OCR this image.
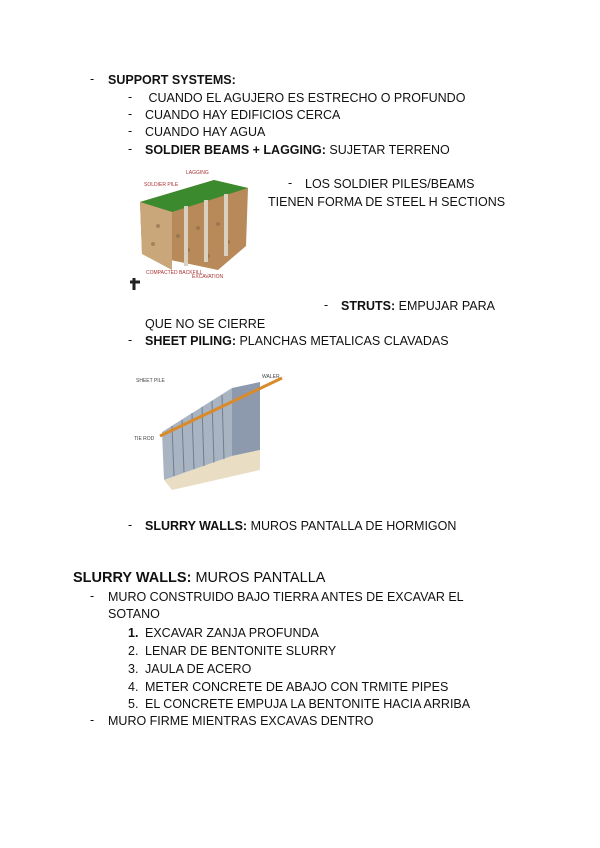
- SUPPORT SYSTEMS:
- CUANDO EL AGUJERO ES ESTRECHO O PROFUNDO
- CUANDO HAY EDIFICIOS CERCA
- CUANDO HAY AGUA
- SOLDIER BEAMS + LAGGING: SUJETAR TERRENO
LAGGING
SOLDIER PILE
COMPACTED BACKFILL
EXCAVATION
- LOS SOLDIER PILES/BEAMS
TIENEN FORMA DE STEEL H SECTIONS
- STRUTS: EMPUJAR PARA
QUE NO SE CIERRE
- SHEET PILING: PLANCHAS METALICAS CLAVADAS
SHEET PILE
WALER
TIE ROD
- SLURRY WALLS: MUROS PANTALLA DE HORMIGON
SLURRY WALLS: MUROS PANTALLA
- MURO CONSTRUIDO BAJO TIERRA ANTES DE EXCAVAR EL
SOTANO
1. EXCAVAR ZANJA PROFUNDA
2. LENAR DE BENTONITE SLURRY
3. JAULA DE ACERO
4. METER CONCRETE DE ABAJO CON TRMITE PIPES
5. EL CONCRETE EMPUJA LA BENTONITE HACIA ARRIBA
- MURO FIRME MIENTRAS EXCAVAS DENTRO
